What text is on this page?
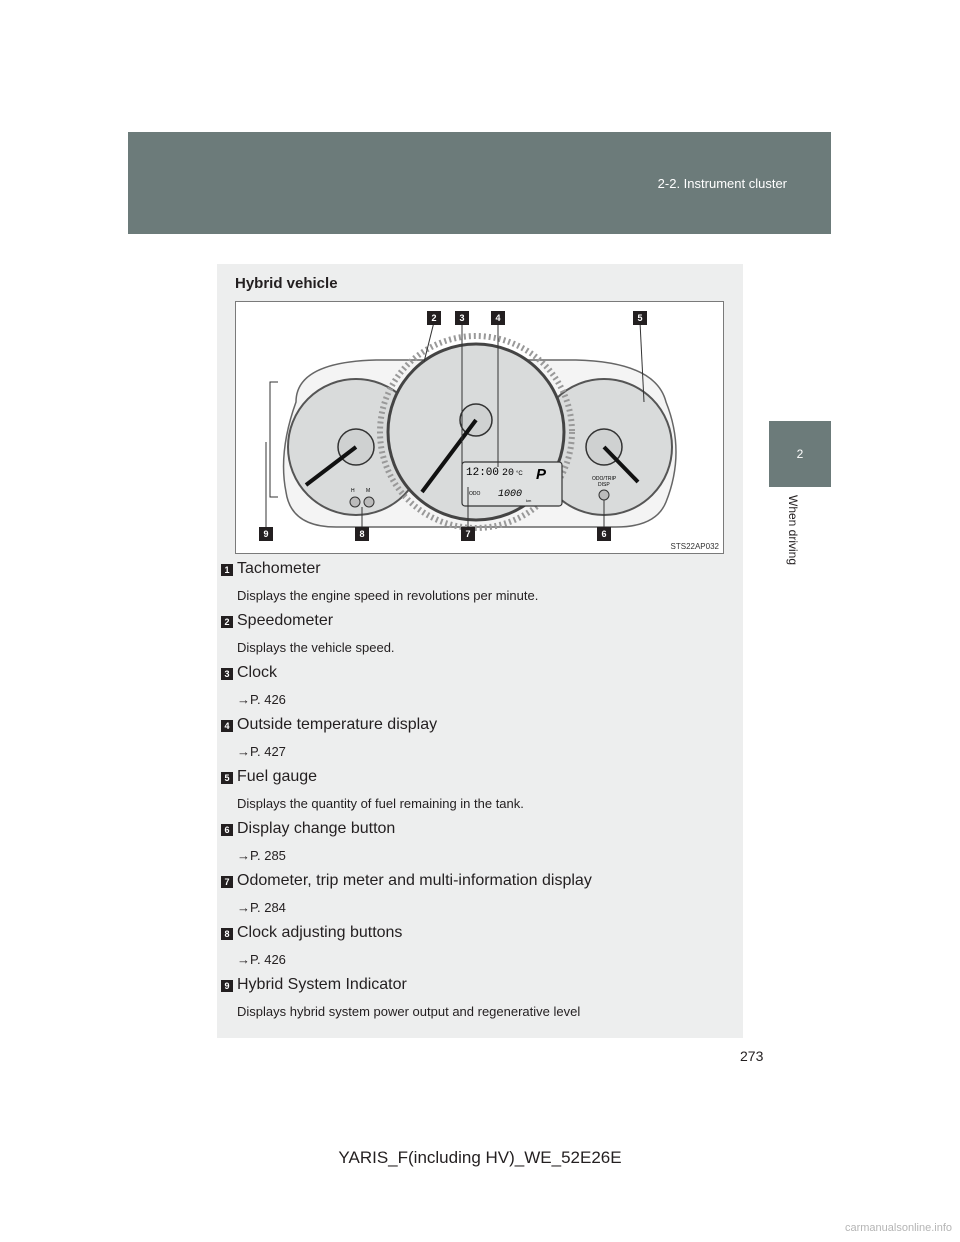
2-2. Instrument cluster
2
When driving
Hybrid vehicle
H M
ODO/TRIP
DISP
12:00 20 °C P
ODO 1000
km
2	3	4	5
9	8	7	6
STS22AP032
1 Tachometer
Displays the engine speed in revolutions per minute.
2 Speedometer
Displays the vehicle speed.
3 Clock
→P. 426
4 Outside temperature display
→P. 427
5 Fuel gauge
Displays the quantity of fuel remaining in the tank.
6 Display change button
→P. 285
7 Odometer, trip meter and multi-information display
→P. 284
8 Clock adjusting buttons
→P. 426
9 Hybrid System Indicator
Displays hybrid system power output and regenerative level
273
YARIS_F(including HV)_WE_52E26E
carmanualsonline.info
